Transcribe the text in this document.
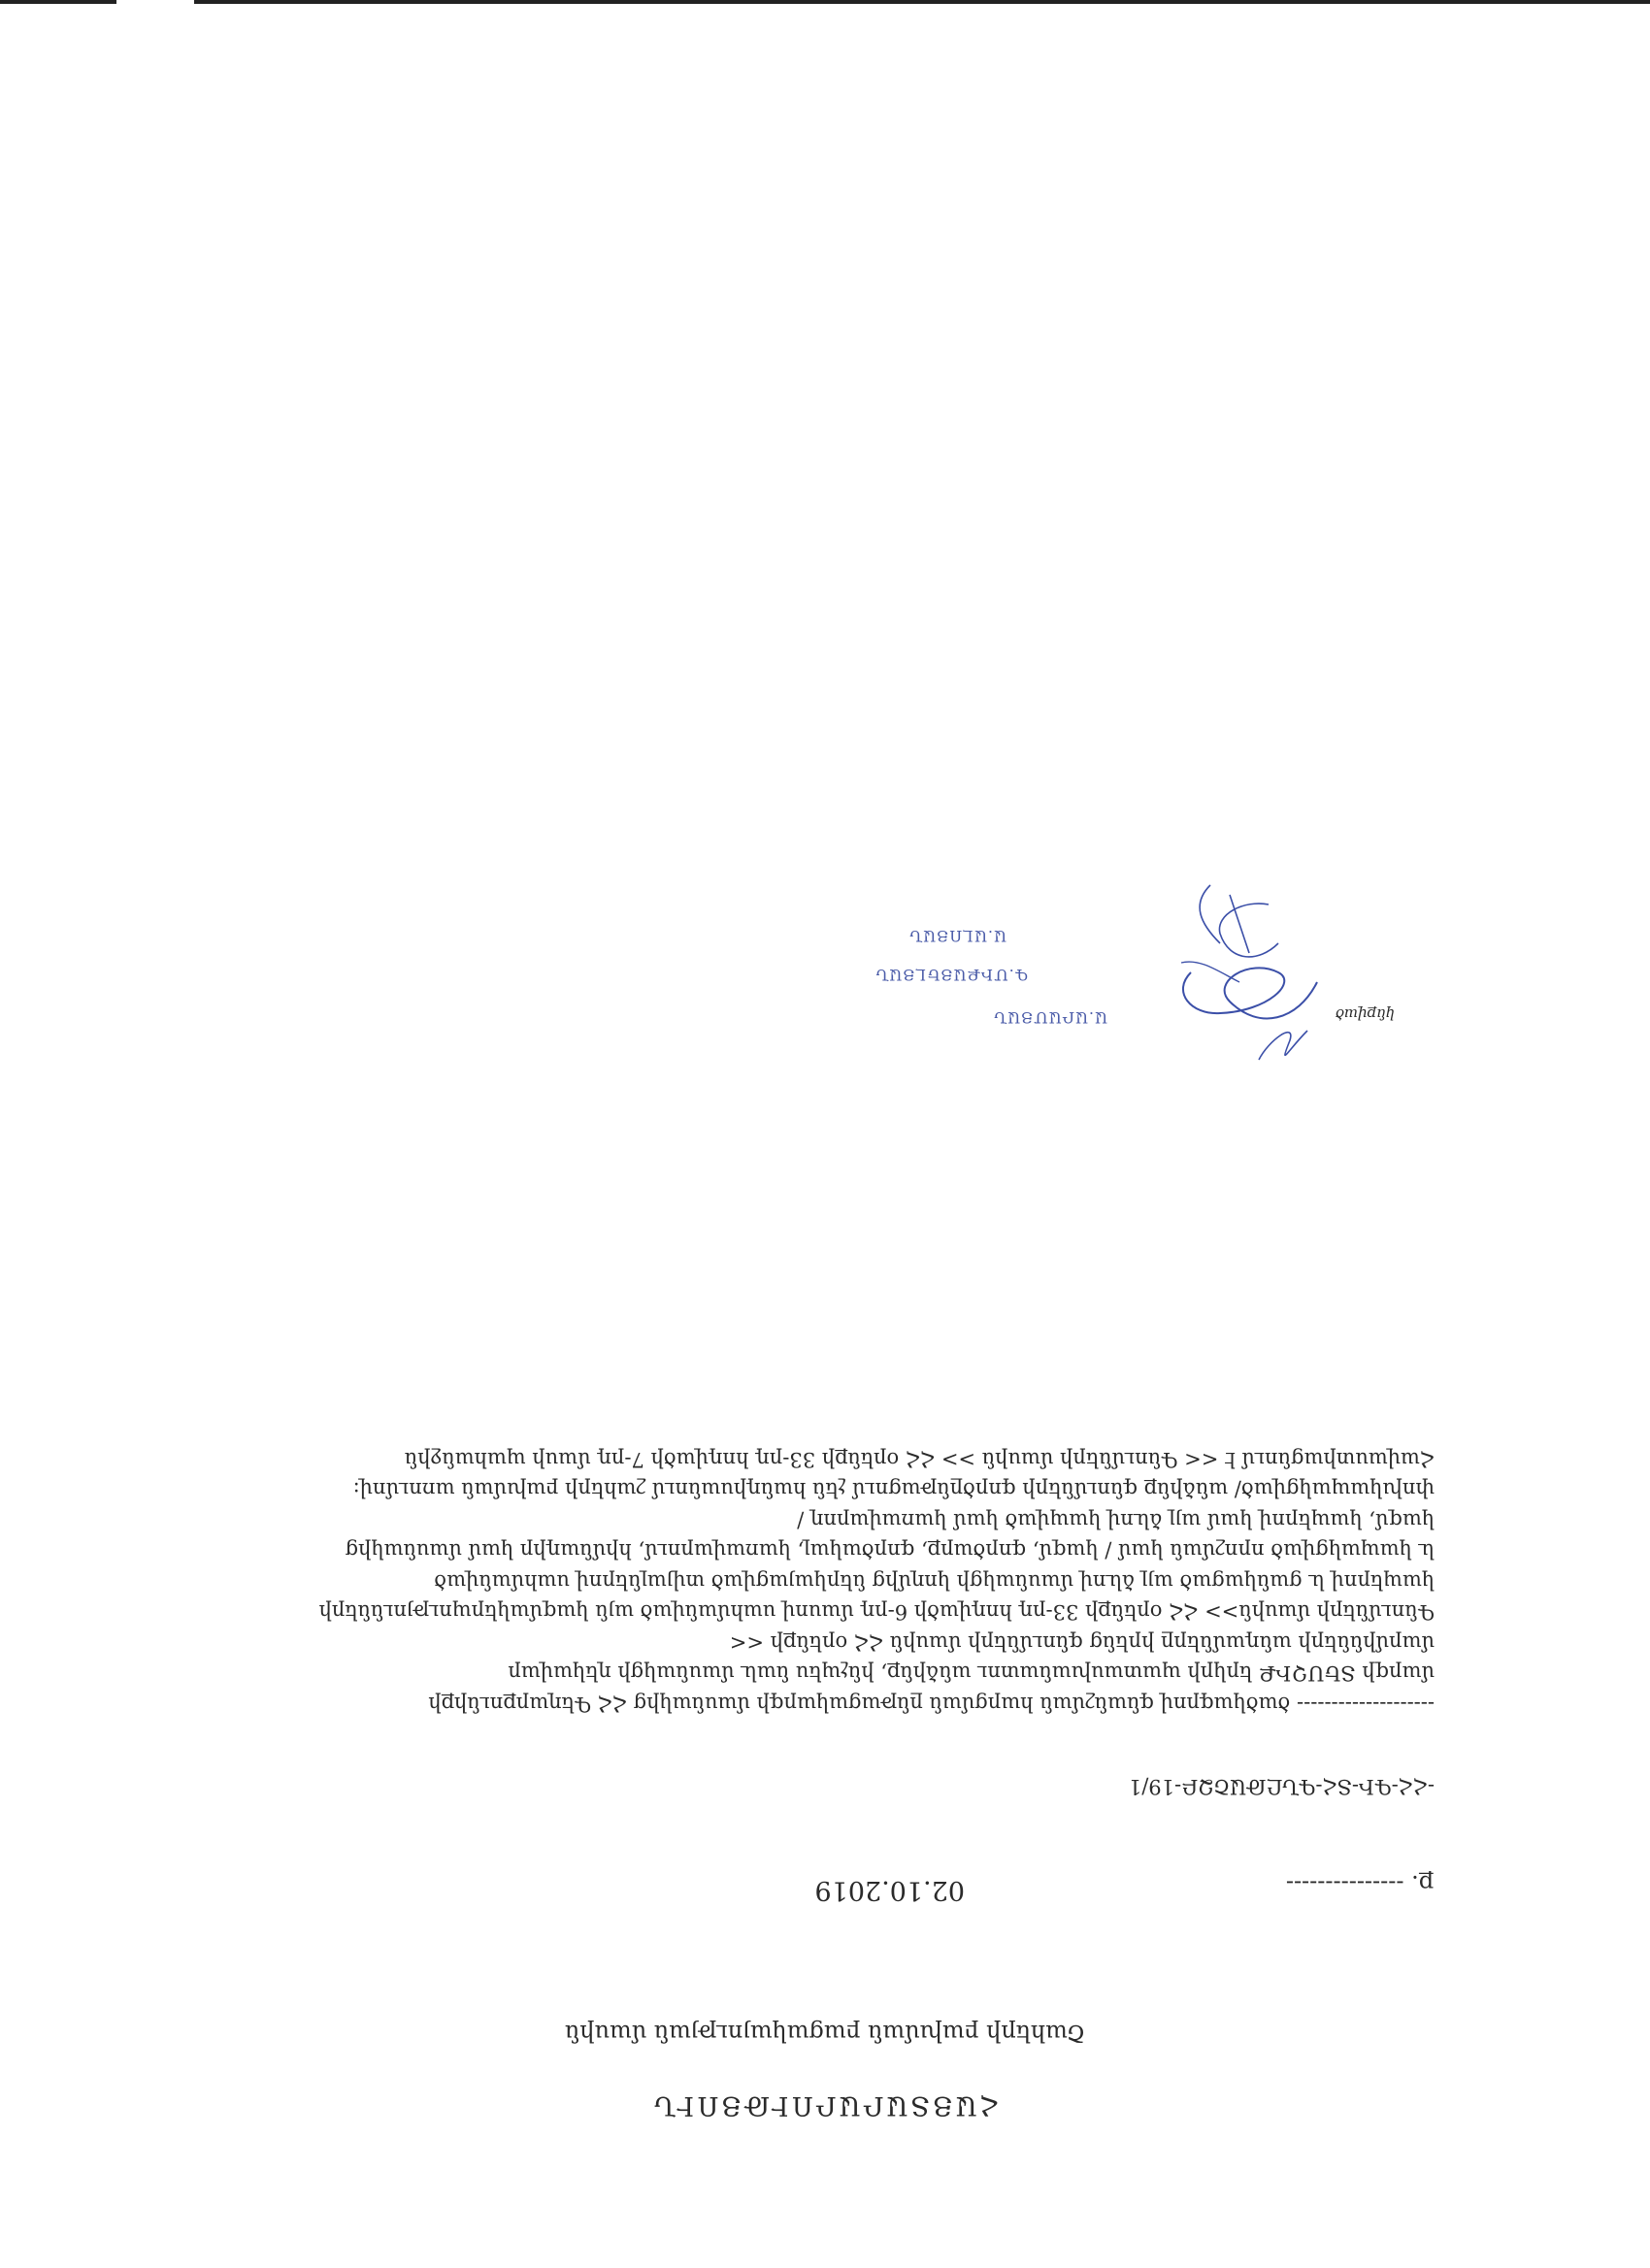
ՀԱՅՏԱՐԱՐՈՒԹՅՈՒՆ
Շահերի բախման բացակայության մասին
ք. ---------------
02.10.2019
-ՀՀ-ԳԻ-ՏՀ-ԳՆԸԹԱՇՁԲ-19/1

-------------------- ծածկագրով գնանշման հարցման ընթացակարգի մասնակից ՀՀ Գեղարքունիքի

մարզի ՏԵՍՉԻՔ երկրի պատասխանատու անձինք, ինչպես նաև մասնակցի ղեկավար

մարմինների անդամները իրենց գնումների մասին ՀՀ օրենքի <<

Գնումների մասին>> ՀՀ օրենքի 33-րդ հոդվածի 6-րդ մասով սահմանված այն կազմակերպությունների

կապերով և ցանկացած այլ ձևով մասնակցի կողմից ներկայացված տվյալներով սահմանված

և կապակցված որոշման կամ / կազմ, գործարք, գործակալ, կառավարում, հիմնադիր կամ մասնակից

կազմ, կապերով կամ այլ ձևով կապված կամ կառավարող /

փոխկապակցված/ անձինք գնումների գործընթացում չեն հանդիսանում շահերի բախման առումով:

Հավաստիացնում է << Գնումների մասին >> ՀՀ օրենքի 33-րդ հոդվածի 7-րդ մասի պահանջին

կնքված
Ա.ԱՐԱՄՅԱՆ
Գ.ՄԻՔԱՅԵԼՅԱՆ
Ա.ԱԼՈՅԱՆ
